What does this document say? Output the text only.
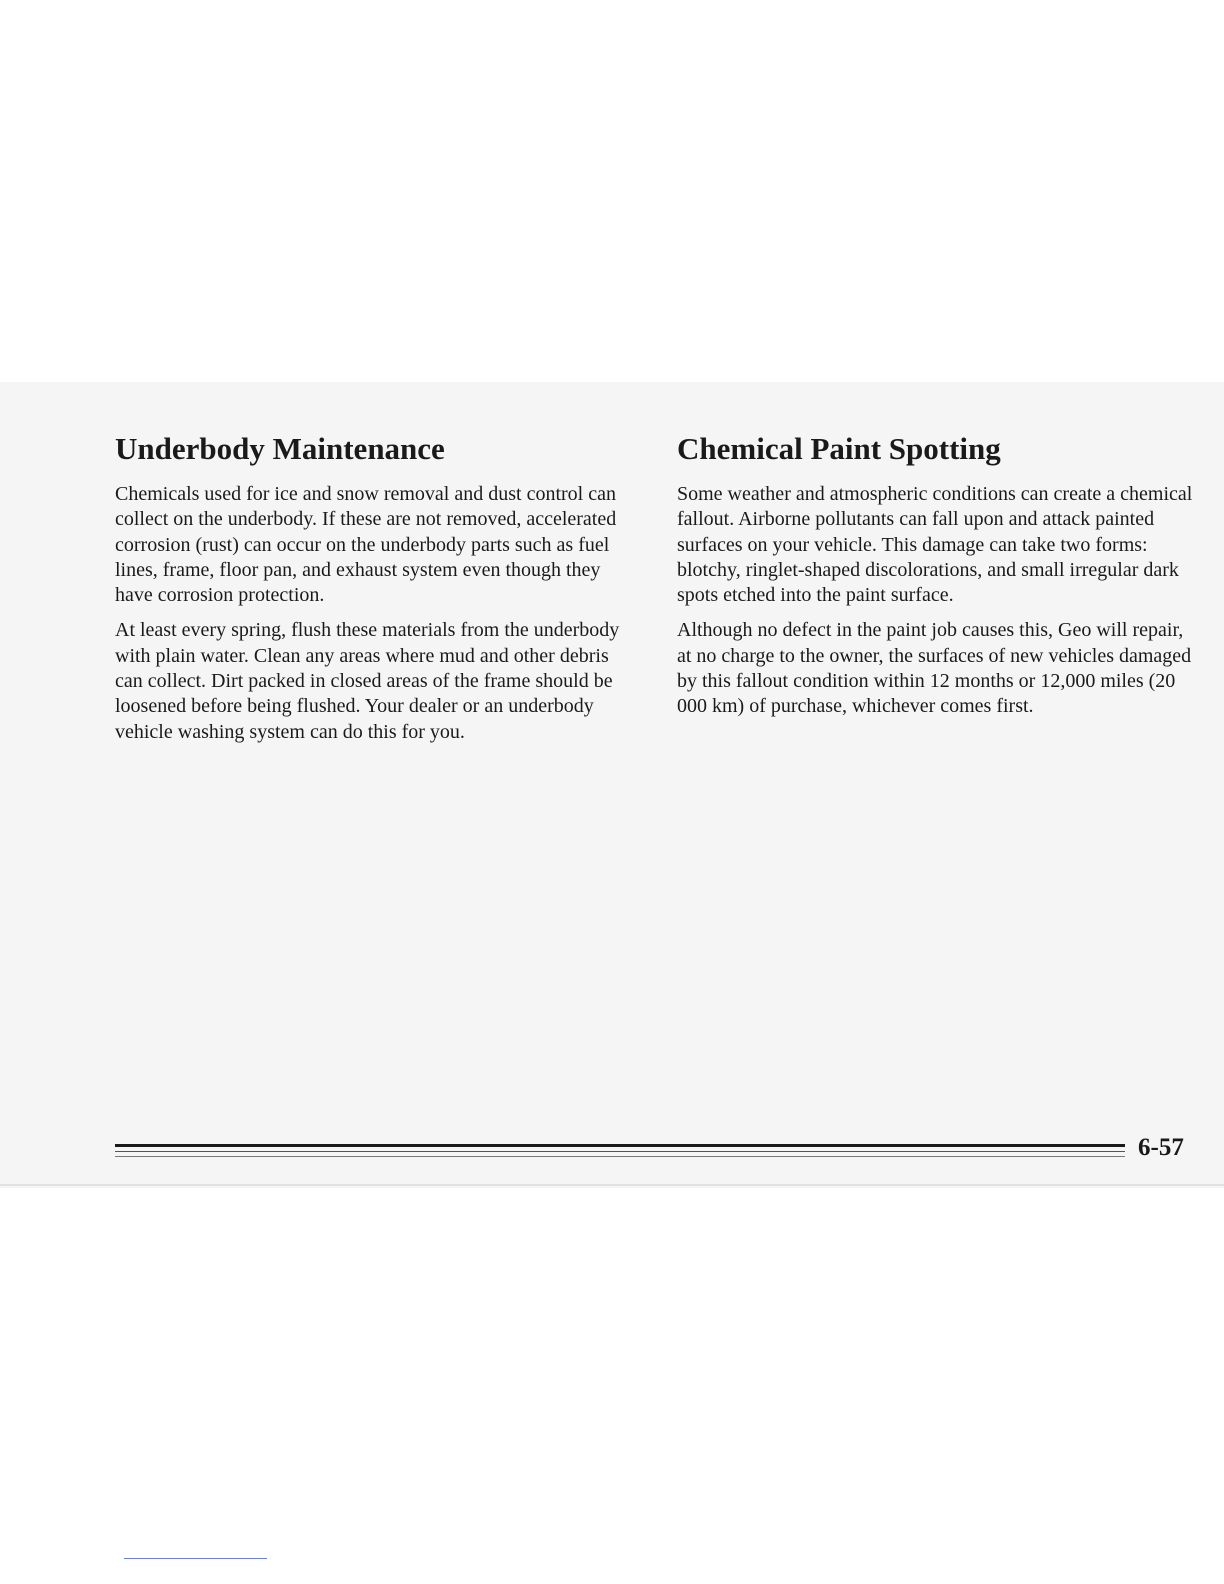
Underbody Maintenance

Chemicals used for ice and snow removal and dust control can collect on the underbody. If these are not removed, accelerated corrosion (rust) can occur on the underbody parts such as fuel lines, frame, floor pan, and exhaust system even though they have corrosion protection.

At least every spring, flush these materials from the underbody with plain water. Clean any areas where mud and other debris can collect. Dirt packed in closed areas of the frame should be loosened before being flushed. Your dealer or an underbody vehicle washing system can do this for you.

Chemical Paint Spotting

Some weather and atmospheric conditions can create a chemical fallout. Airborne pollutants can fall upon and attack painted surfaces on your vehicle. This damage can take two forms: blotchy, ringlet-shaped discolorations, and small irregular dark spots etched into the paint surface.

Although no defect in the paint job causes this, Geo will repair, at no charge to the owner, the surfaces of new vehicles damaged by this fallout condition within 12 months or 12,000 miles (20 000 km) of purchase, whichever comes first.

6-57
